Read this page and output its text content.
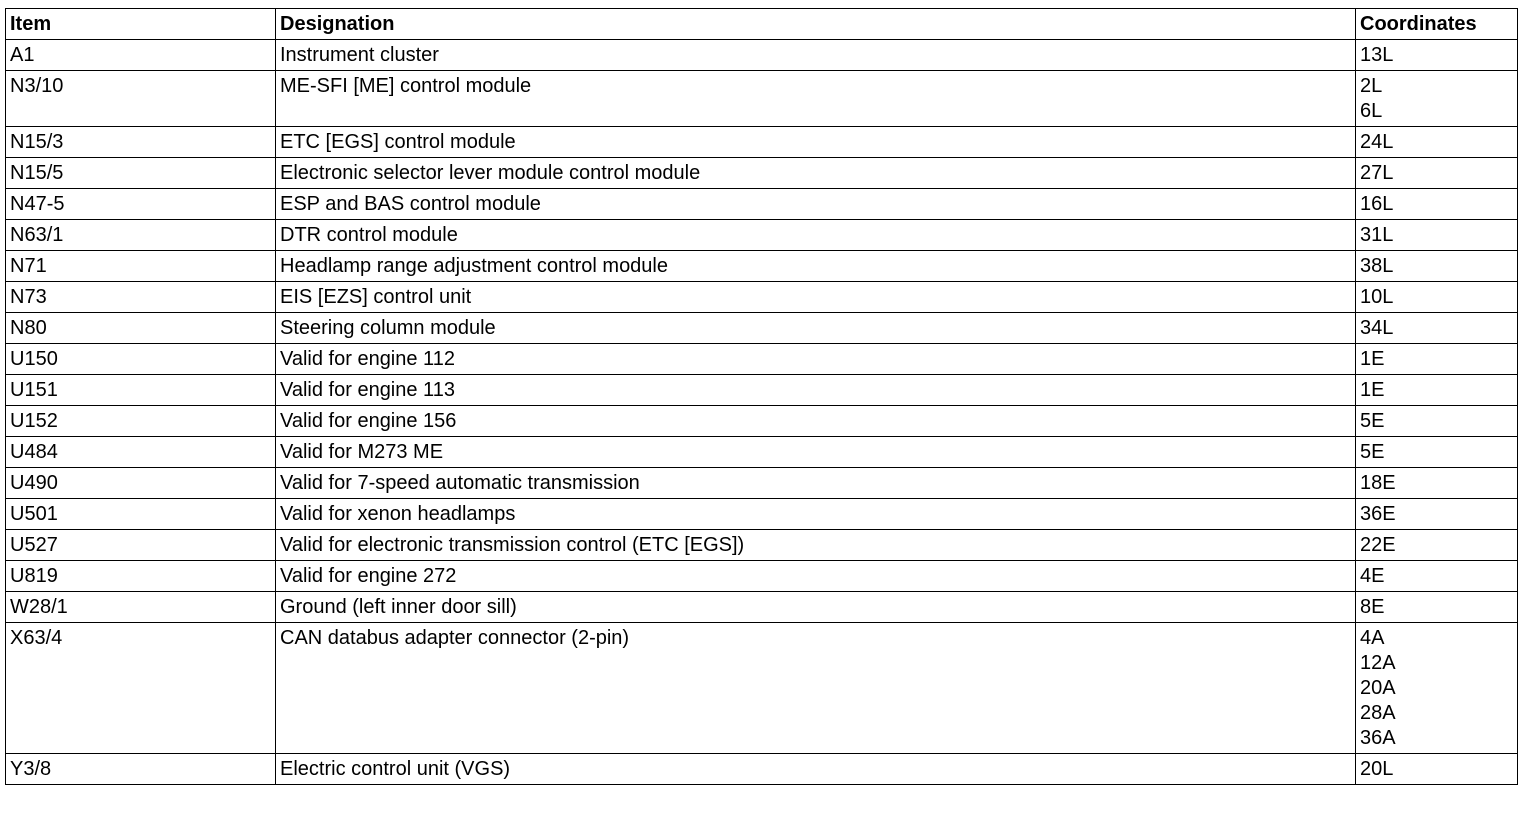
Item	Designation	Coordinates
A1	Instrument cluster	13L

N3/10	ME-SFI [ME] control module	2L
6L

N15/3	ETC [EGS] control module	24L

N15/5	Electronic selector lever module control module	27L

N47-5	ESP and BAS control module	16L

N63/1	DTR control module	31L

N71	Headlamp range adjustment control module	38L

N73	EIS [EZS] control unit	10L

N80	Steering column module	34L

U150	Valid for engine 112	1E

U151	Valid for engine 113	1E

U152	Valid for engine 156	5E

U484	Valid for M273 ME	5E

U490	Valid for 7-speed automatic transmission	18E

U501	Valid for xenon headlamps	36E

U527	Valid for electronic transmission control (ETC [EGS])	22E

U819	Valid for engine 272	4E

W28/1	Ground (left inner door sill)	8E

X63/4	CAN databus adapter connector (2-pin)	4A
12A
20A
28A
36A

Y3/8	Electric control unit (VGS)	20L
